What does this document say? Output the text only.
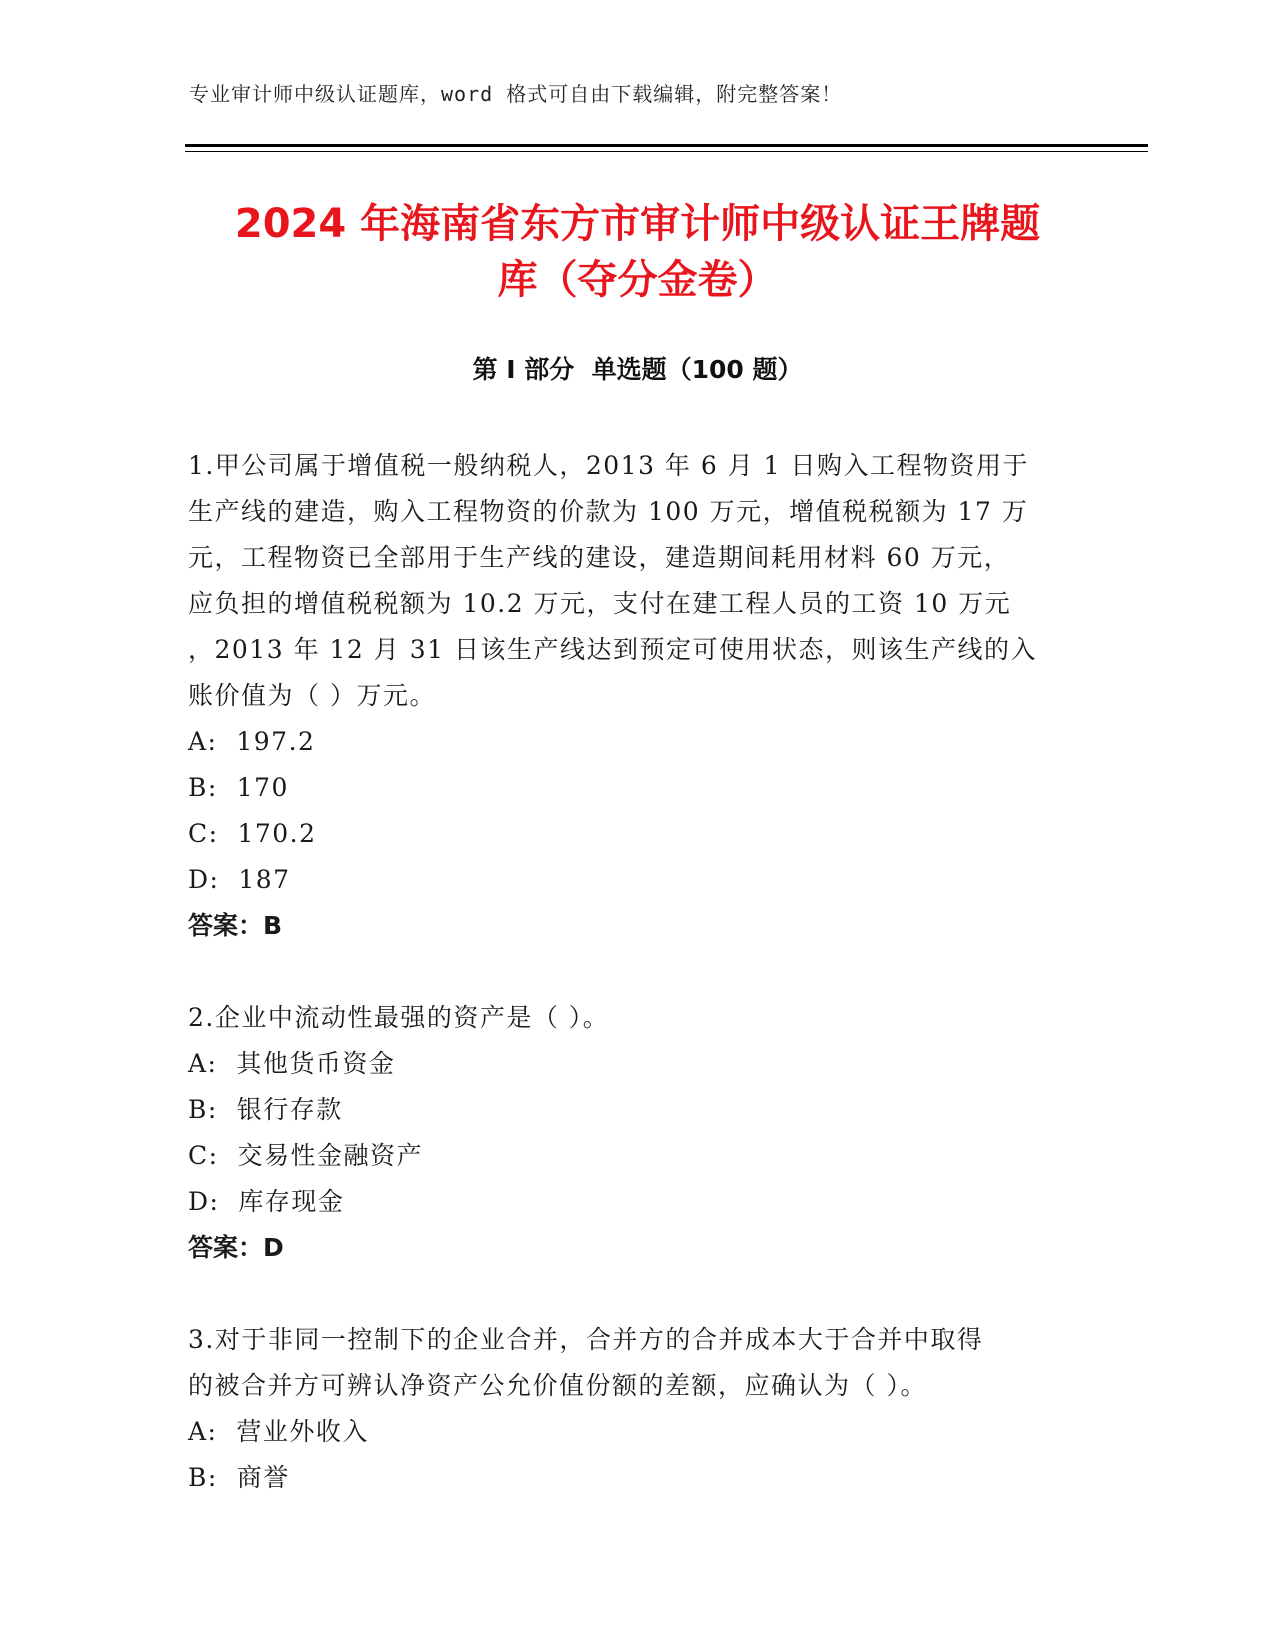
专业审计师中级认证题库，word 格式可自由下载编辑，附完整答案！
2024 年海南省东方市审计师中级认证王牌题
库（夺分金卷）
第 I 部分  单选题（100 题）

1.甲公司属于增值税一般纳税人，2013 年 6 月 1 日购入工程物资用于
生产线的建造，购入工程物资的价款为 100 万元，增值税税额为 17 万
元，工程物资已全部用于生产线的建设，建造期间耗用材料 60 万元，
应负担的增值税税额为 10.2 万元，支付在建工程人员的工资 10 万元
，2013 年 12 月 31 日该生产线达到预定可使用状态，则该生产线的入
账价值为（ ）万元。

A:  197.2

B:  170

C:  170.2

D:  187

答案：B

2.企业中流动性最强的资产是（ ）。

A:  其他货币资金

B:  银行存款

C:  交易性金融资产

D:  库存现金

答案：D

3.对于非同一控制下的企业合并，合并方的合并成本大于合并中取得
的被合并方可辨认净资产公允价值份额的差额，应确认为（ ）。

A:  营业外收入

B:  商誉
